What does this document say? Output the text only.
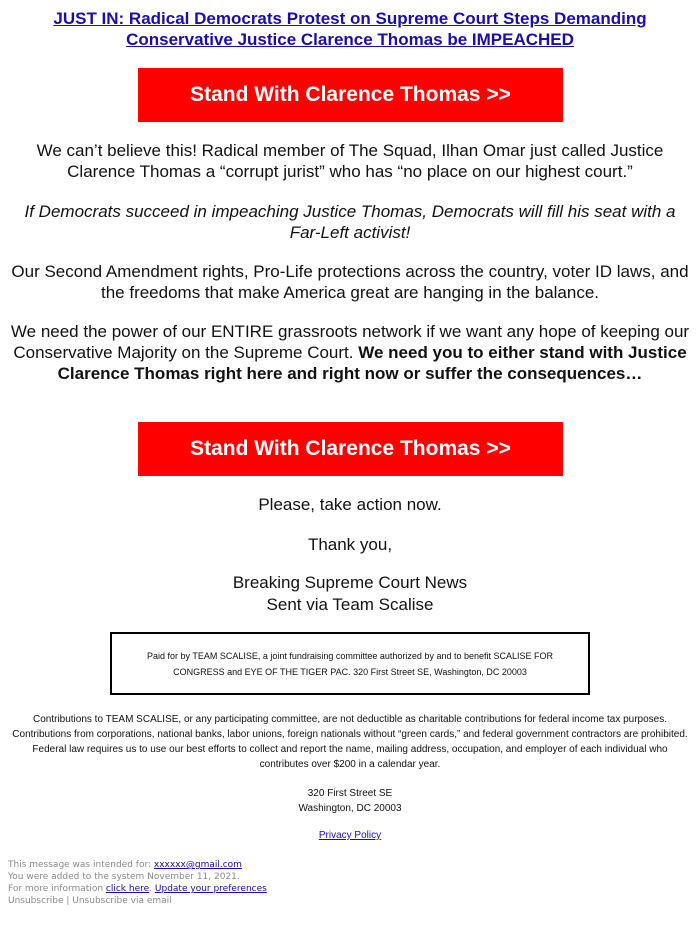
JUST IN: Radical Democrats Protest on Supreme Court Steps Demanding
Conservative Justice Clarence Thomas be IMPEACHED
Stand With Clarence Thomas >>

We can’t believe this! Radical member of The Squad, Ilhan Omar just called Justice Clarence Thomas a “corrupt jurist” who has “no place on our highest court.”

If Democrats succeed in impeaching Justice Thomas, Democrats will fill his seat with a Far-Left activist!

Our Second Amendment rights, Pro-Life protections across the country, voter ID laws, and the freedoms that make America great are hanging in the balance.

We need the power of our ENTIRE grassroots network if we want any hope of keeping our Conservative Majority on the Supreme Court. We need you to either stand with Justice Clarence Thomas right here and right now or suffer the consequences…

Stand With Clarence Thomas >>

Please, take action now.

Thank you,

Breaking Supreme Court News

Sent via Team Scalise

Paid for by TEAM SCALISE, a joint fundraising committee authorized by and to benefit SCALISE FOR CONGRESS and EYE OF THE TIGER PAC. 320 First Street SE, Washington, DC 20003
Contributions to TEAM SCALISE, or any participating committee, are not deductible as charitable contributions for federal income tax purposes. Contributions from corporations, national banks, labor unions, foreign nationals without “green cards,” and federal government contractors are prohibited. Federal law requires us to use our best efforts to collect and report the name, mailing address, occupation, and employer of each individual who contributes over $200 in a calendar year.
320 First Street SE
Washington, DC 20003
Privacy Policy
This message was intended for: xxxxxx@gmail.com
You were added to the system November 11, 2021.
For more information click here. Update your preferences
Unsubscribe | Unsubscribe via email
